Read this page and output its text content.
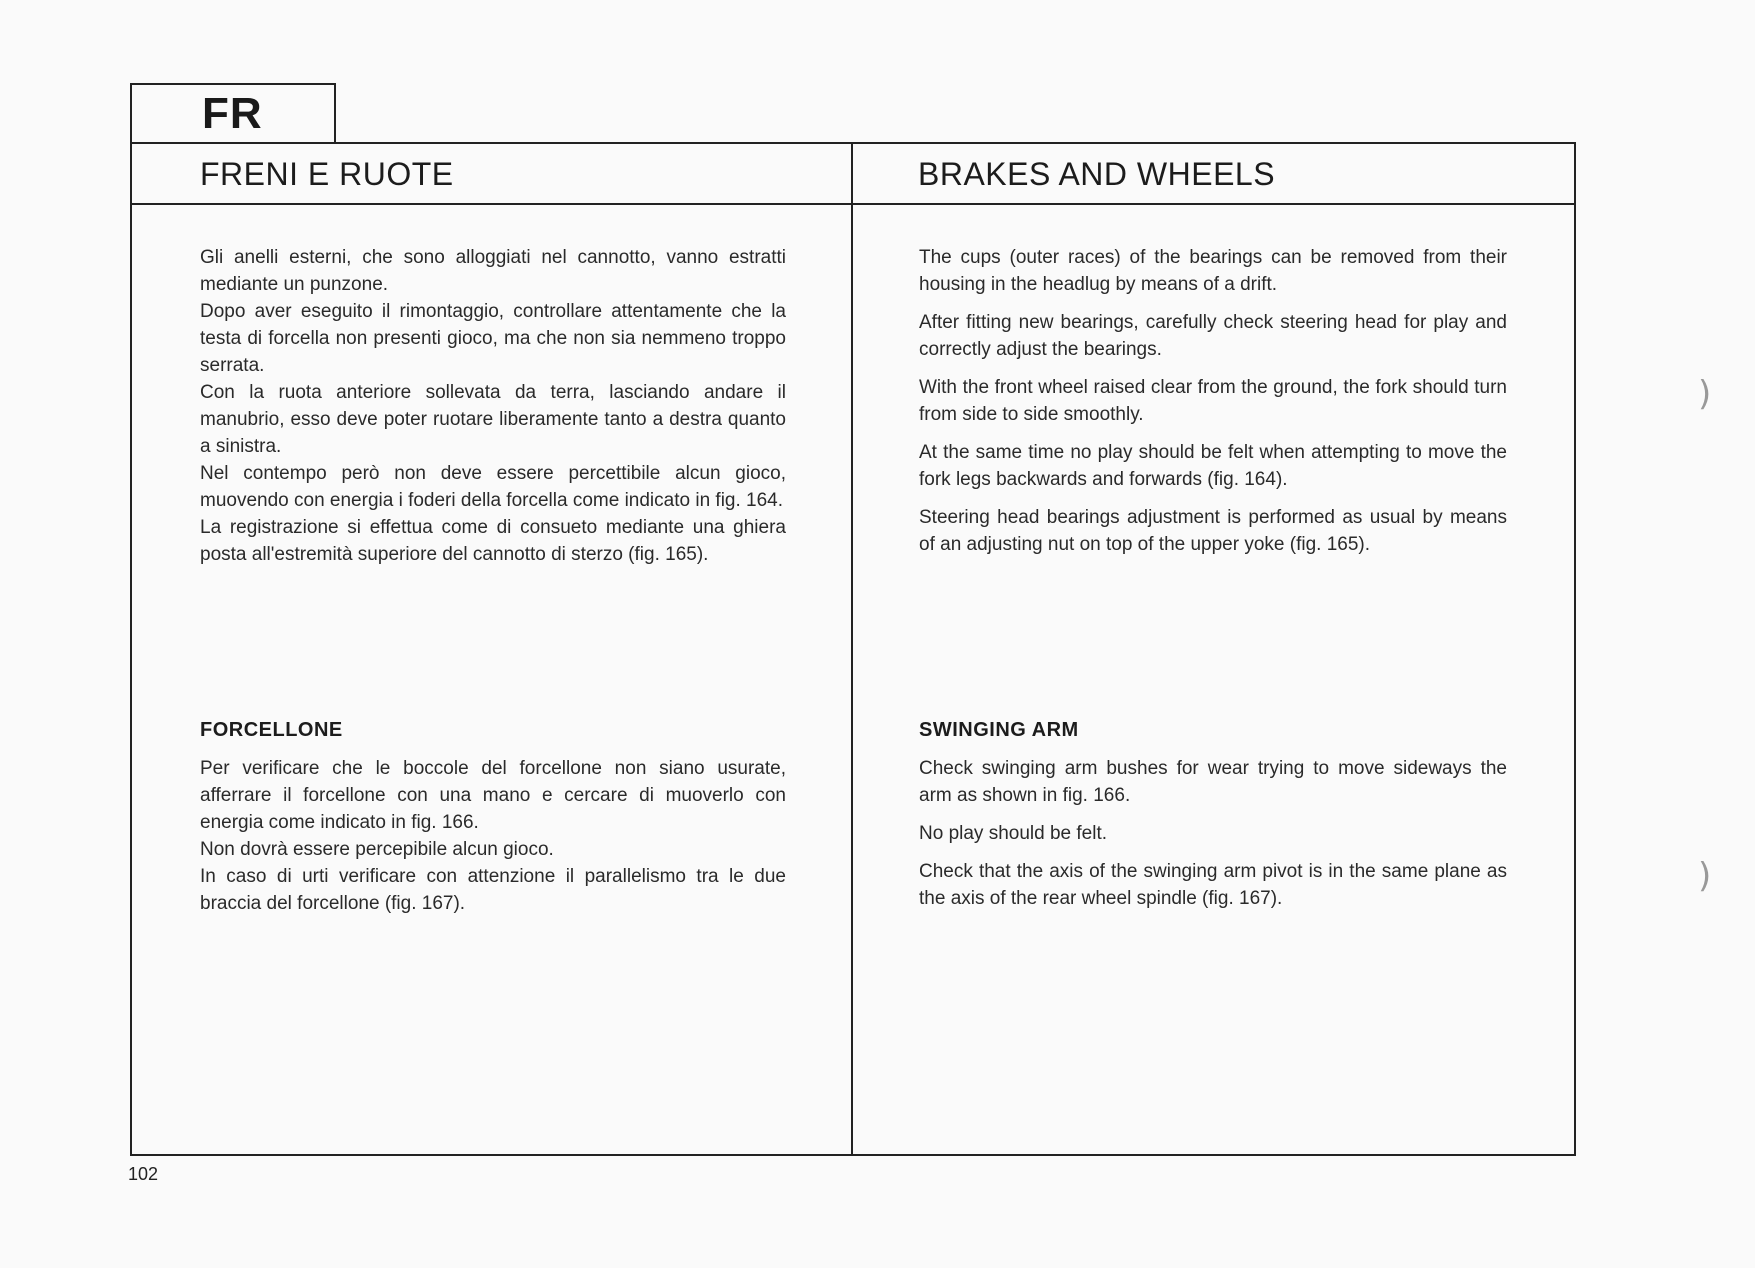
FR
FRENI E RUOTE	BRAKES AND WHEELS

Gli anelli esterni, che sono alloggiati nel cannotto, vanno estratti mediante un punzone.

Dopo aver eseguito il rimontaggio, controllare attentamente che la testa di forcella non presenti gioco, ma che non sia nemmeno troppo serrata.

Con la ruota anteriore sollevata da terra, lasciando andare il manubrio, esso deve poter ruotare liberamente tanto a destra quanto a sinistra.

Nel contempo però non deve essere percettibile alcun gioco, muovendo con energia i foderi della forcella come indicato in fig. 164.

La registrazione si effettua come di consueto mediante una ghiera posta all'estremità superiore del cannotto di sterzo (fig. 165).

The cups (outer races) of the bearings can be removed from their housing in the headlug by means of a drift.

After fitting new bearings, carefully check steering head for play and correctly adjust the bearings.

With the front wheel raised clear from the ground, the fork should turn from side to side smoothly.

At the same time no play should be felt when attempting to move the fork legs backwards and forwards (fig. 164).

Steering head bearings adjustment is performed as usual by means of an adjusting nut on top of the upper yoke (fig. 165).

FORCELLONE	SWINGING ARM

Per verificare che le boccole del forcellone non siano usurate, afferrare il forcellone con una mano e cercare di muoverlo con energia come indicato in fig. 166.

Non dovrà essere percepibile alcun gioco.

In caso di urti verificare con attenzione il parallelismo tra le due braccia del forcellone (fig. 167).

Check swinging arm bushes for wear trying to move sideways the arm as shown in fig. 166.

No play should be felt.

Check that the axis of the swinging arm pivot is in the same plane as the axis of the rear wheel spindle (fig. 167).

102
)
)
